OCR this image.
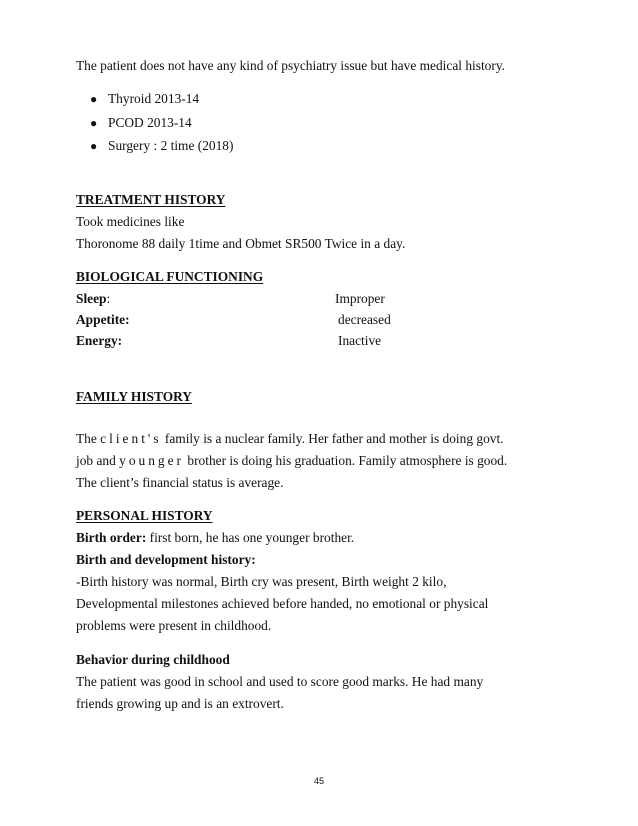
The patient does not have any kind of psychiatry issue but have medical history.
● Thyroid 2013-14
● PCOD 2013-14
● Surgery : 2 time (2018)
TREATMENT HISTORY
Took medicines like
Thoronome 88 daily 1time and Obmet SR500 Twice in a day.
BIOLOGICAL FUNCTIONING
Sleep:	Improper
Appetite:	decreased
Energy:	Inactive
FAMILY HISTORY
The client's family is a nuclear family. Her father and mother is doing govt.
job and younger brother is doing his graduation. Family atmosphere is good.
The client’s financial status is average.
PERSONAL HISTORY
Birth order: first born, he has one younger brother.
Birth and development history:
-Birth history was normal, Birth cry was present, Birth weight 2 kilo,
Developmental milestones achieved before handed, no emotional or physical
problems were present in childhood.
Behavior during childhood
The patient was good in school and used to score good marks. He had many
friends growing up and is an extrovert.
45
